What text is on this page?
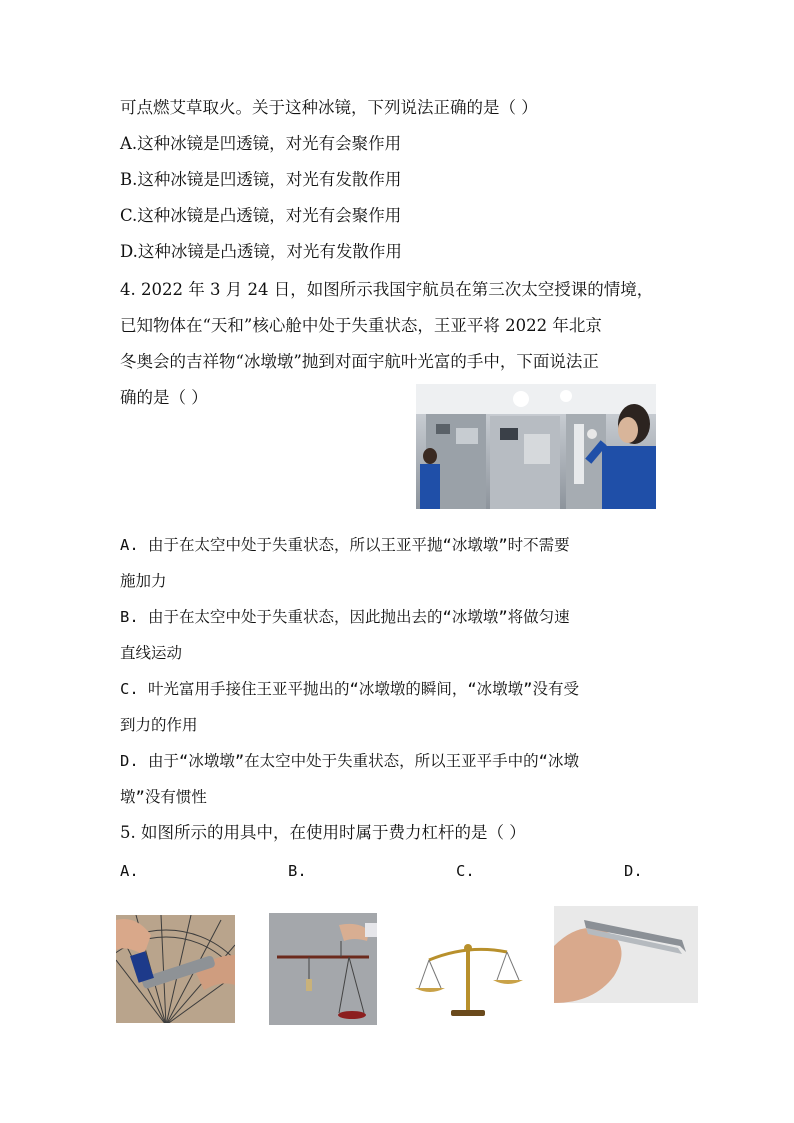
可点燃艾草取火。关于这种冰镜，下列说法正确的是（ ）
A.这种冰镜是凹透镜，对光有会聚作用
B.这种冰镜是凹透镜，对光有发散作用
C.这种冰镜是凸透镜，对光有会聚作用
D.这种冰镜是凸透镜，对光有发散作用
4. 2022 年 3 月 24 日，如图所示我国宇航员在第三次太空授课的情境，
已知物体在“天和”核心舱中处于失重状态，王亚平将 2022 年北京
冬奥会的吉祥物“冰墩墩”抛到对面宇航叶光富的手中，下面说法正
确的是（ ）
A. 由于在太空中处于失重状态，所以王亚平抛“冰墩墩”时不需要
施加力
B. 由于在太空中处于失重状态，因此抛出去的“冰墩墩”将做匀速
直线运动
C. 叶光富用手接住王亚平抛出的“冰墩墩的瞬间，“冰墩墩”没有受
到力的作用
D. 由于“冰墩墩”在太空中处于失重状态，所以王亚平手中的“冰墩
墩”没有惯性
5. 如图所示的用具中，在使用时属于费力杠杆的是（ ）
A.	B.	C.	D.
